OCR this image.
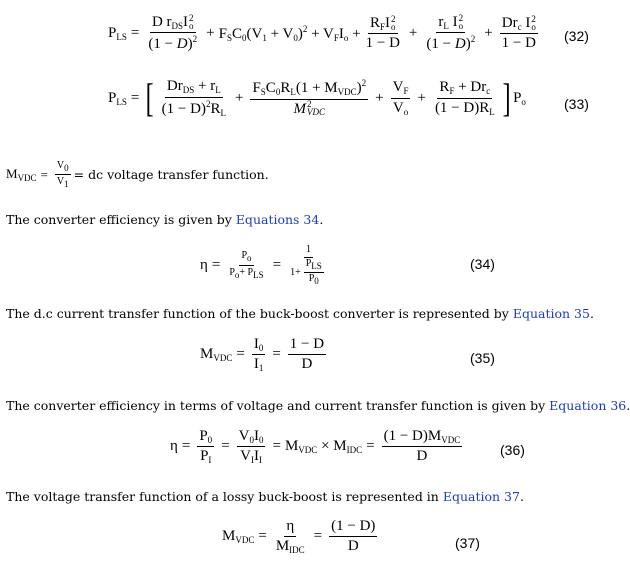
$P_{LS} = D$ $r_{DS}I$ 2
o
$(1 - D)^2 + F_SC_0(V_1 + V_0)^2 + V_FI_o + R_FI$ 2
o
$1 - D + r_L$ I 2
o
$(1 - D)^2 + Dr_c$ I 2
o
1 − D (32)
$P_{LS}$ = [ $\frac{Dr_{DS} + r_L}{(1 - D)^2R_L} + F_SC_0R_L(1 + M_{VDC})^2$
M 2
VDC + $\frac{V_F}{V_o} + \frac{R_F + Dr_c}{(1 - D)R_L}$ ] $P_o$	(33)
$M_{VDC} = \frac{V_0}{V_1}$ = dc voltage transfer function.
The converter efficiency is given by Equations 34.
$\eta = \frac{P_o}{P_o+ P_{LS}} = \frac{1}{1+ \frac{P_{LS}}{P_0}}$	(34)
The d.c current transfer function of the buck-boost converter is represented by Equation 35.
$M_{VDC} = \frac{I_0}{I_1} = \frac{1 - D}{D}$	(35)
The converter efficiency in terms of voltage and current transfer function is given by Equation 36.
$\eta = \frac{P_0}{P_I} = \frac{V_0I_0}{V_II_I} = M_{VDC} \times M_{IDC} = \frac{(1 - D)M_{VDC}}{D}$	(36)
The voltage transfer function of a lossy buck-boost is represented in Equation 37.
$M_{VDC} = \frac{\eta}{M_{IDC}} = \frac{(1 - D)}{D}$	(37)
